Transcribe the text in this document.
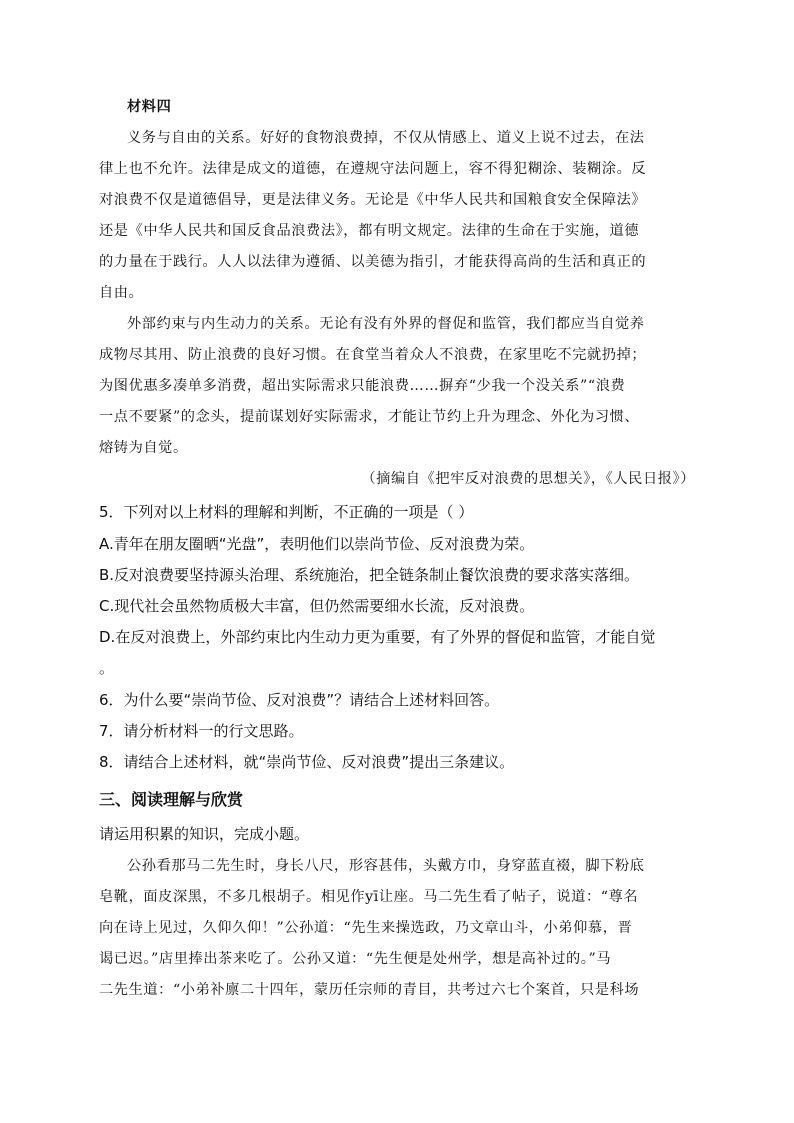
材料四
义务与自由的关系。好好的食物浪费掉，不仅从情感上、道义上说不过去，在法
律上也不允许。法律是成文的道德，在遵规守法问题上，容不得犯糊涂、装糊涂。反
对浪费不仅是道德倡导，更是法律义务。无论是《中华人民共和国粮食安全保障法》
还是《中华人民共和国反食品浪费法》，都有明文规定。法律的生命在于实施，道德
的力量在于践行。人人以法律为遵循、以美德为指引，才能获得高尚的生活和真正的
自由。
外部约束与内生动力的关系。无论有没有外界的督促和监管，我们都应当自觉养
成物尽其用、防止浪费的良好习惯。在食堂当着众人不浪费，在家里吃不完就扔掉；
为图优惠多凑单多消费，超出实际需求只能浪费……摒弃“少我一个没关系”“浪费
一点不要紧”的念头，提前谋划好实际需求，才能让节约上升为理念、外化为习惯、
熔铸为自觉。
（摘编自《把牢反对浪费的思想关》，《人民日报》）
5．下列对以上材料的理解和判断，不正确的一项是（ ）
A.青年在朋友圈晒“光盘”，表明他们以崇尚节俭、反对浪费为荣。
B.反对浪费要坚持源头治理、系统施治，把全链条制止餐饮浪费的要求落实落细。
C.现代社会虽然物质极大丰富，但仍然需要细水长流，反对浪费。
D.在反对浪费上，外部约束比内生动力更为重要，有了外界的督促和监管，才能自觉
。
6．为什么要“崇尚节俭、反对浪费”？请结合上述材料回答。
7．请分析材料一的行文思路。
8．请结合上述材料，就“崇尚节俭、反对浪费”提出三条建议。
三、阅读理解与欣赏
请运用积累的知识，完成小题。
公孙看那马二先生时，身长八尺，形容甚伟，头戴方巾，身穿蓝直裰，脚下粉底
皂靴，面皮深黑，不多几根胡子。相见作yī让座。马二先生看了帖子，说道：“尊名
向在诗上见过，久仰久仰！”公孙道：“先生来操选政，乃文章山斗，小弟仰慕，晋
谒已迟。”店里捧出茶来吃了。公孙又道：“先生便是处州学，想是高补过的。”马
二先生道：“小弟补廪二十四年，蒙历任宗师的青目，共考过六七个案首，只是科场
